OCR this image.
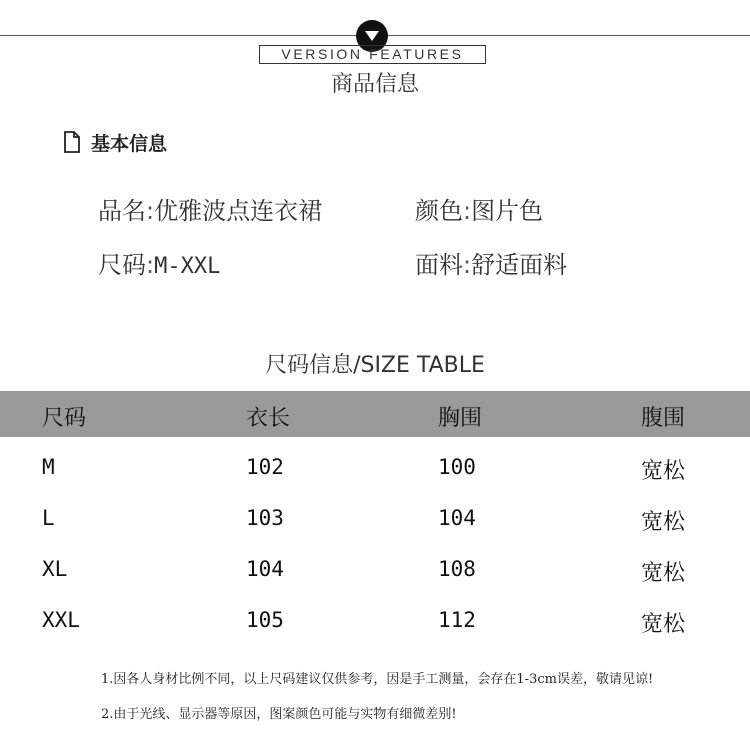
VERSION FEATURES
商品信息
基本信息
品名:优雅波点连衣裙	颜色:图片色
尺码:M-XXL	面料:舒适面料
尺码信息/SIZE TABLE
尺码	衣长	胸围	腹围
M	102	100	宽松
L	103	104	宽松
XL	104	108	宽松
XXL	105	112	宽松
1.因各人身材比例不同，以上尺码建议仅供参考，因是手工测量，会存在1-3cm误差，敬请见谅!
2.由于光线、显示器等原因，图案颜色可能与实物有细微差别!
